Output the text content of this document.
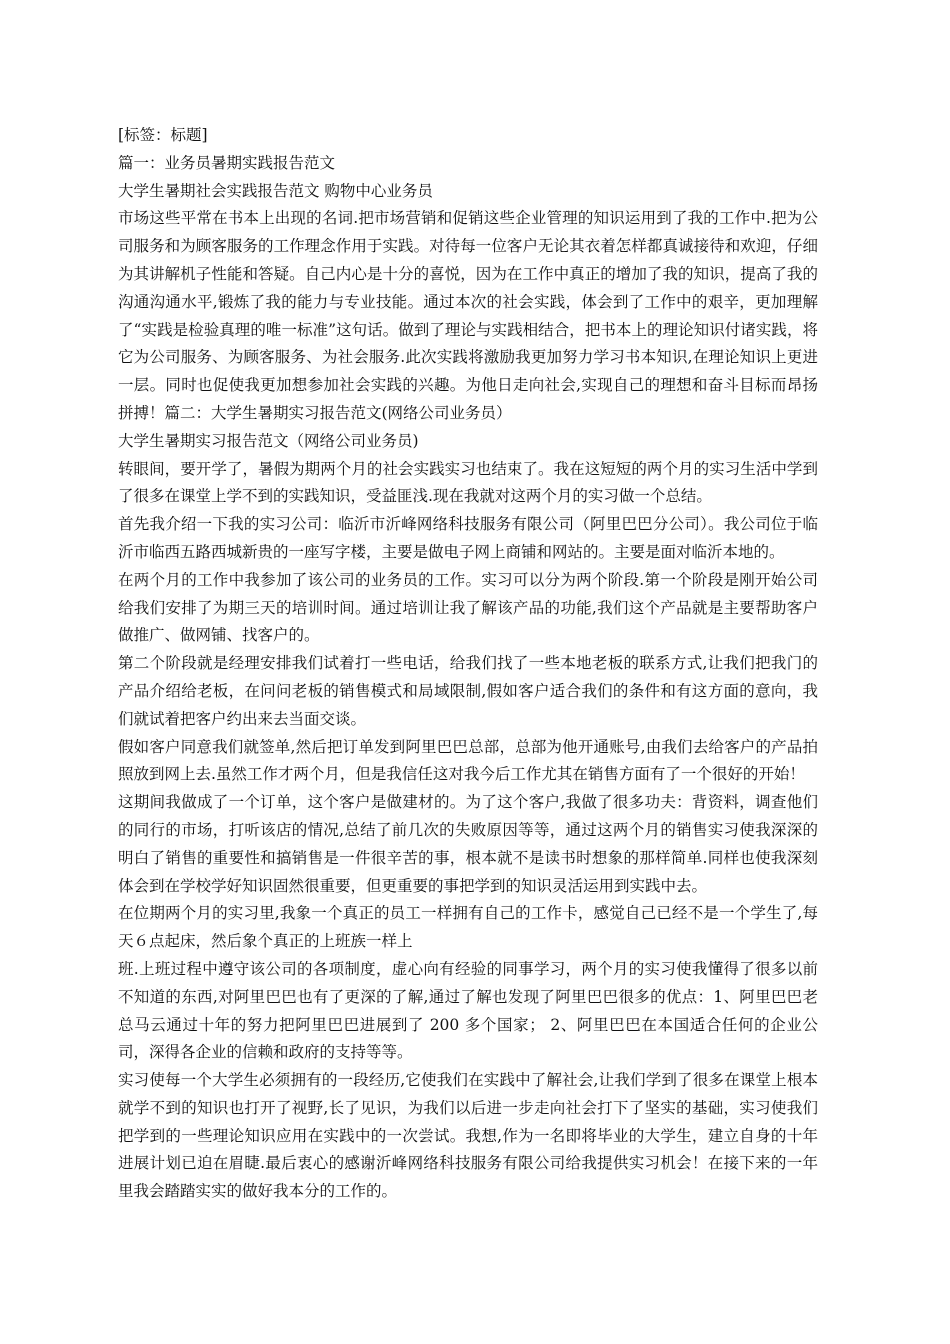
[标签：标题]

篇一：业务员暑期实践报告范文

大学生暑期社会实践报告范文 购物中心业务员

市场这些平常在书本上出现的名词.把市场营销和促销这些企业管理的知识运用到了我的工作中.把为公司服务和为顾客服务的工作理念作用于实践。对待每一位客户无论其衣着怎样都真诚接待和欢迎，仔细为其讲解机子性能和答疑。自己内心是十分的喜悦，因为在工作中真正的增加了我的知识，提高了我的沟通沟通水平,锻炼了我的能力与专业技能。通过本次的社会实践，体会到了工作中的艰辛，更加理解了“实践是检验真理的唯一标准”这句话。做到了理论与实践相结合，把书本上的理论知识付诸实践，将它为公司服务、为顾客服务、为社会服务.此次实践将激励我更加努力学习书本知识,在理论知识上更进一层。同时也促使我更加想参加社会实践的兴趣。为他日走向社会,实现自己的理想和奋斗目标而昂扬拼搏！篇二：大学生暑期实习报告范文(网络公司业务员）

大学生暑期实习报告范文（网络公司业务员)

转眼间，要开学了，暑假为期两个月的社会实践实习也结束了。我在这短短的两个月的实习生活中学到了很多在课堂上学不到的实践知识，受益匪浅.现在我就对这两个月的实习做一个总结。

首先我介绍一下我的实习公司：临沂市沂峰网络科技服务有限公司（阿里巴巴分公司）。我公司位于临沂市临西五路西城新贵的一座写字楼，主要是做电子网上商铺和网站的。主要是面对临沂本地的。

在两个月的工作中我参加了该公司的业务员的工作。实习可以分为两个阶段.第一个阶段是刚开始公司给我们安排了为期三天的培训时间。通过培训让我了解该产品的功能,我们这个产品就是主要帮助客户做推广、做网铺、找客户的。

第二个阶段就是经理安排我们试着打一些电话，给我们找了一些本地老板的联系方式,让我们把我门的产品介绍给老板，在问问老板的销售模式和局域限制,假如客户适合我们的条件和有这方面的意向，我们就试着把客户约出来去当面交谈。

假如客户同意我们就签单,然后把订单发到阿里巴巴总部，总部为他开通账号,由我们去给客户的产品拍照放到网上去.虽然工作才两个月，但是我信任这对我今后工作尤其在销售方面有了一个很好的开始！

这期间我做成了一个订单，这个客户是做建材的。为了这个客户,我做了很多功夫：背资料，调查他们的同行的市场，打听该店的情况,总结了前几次的失败原因等等，通过这两个月的销售实习使我深深的明白了销售的重要性和搞销售是一件很辛苦的事，根本就不是读书时想象的那样简单.同样也使我深刻体会到在学校学好知识固然很重要，但更重要的事把学到的知识灵活运用到实践中去。

在位期两个月的实习里,我象一个真正的员工一样拥有自己的工作卡，感觉自己已经不是一个学生了,每天６点起床，然后象个真正的上班族一样上

班.上班过程中遵守该公司的各项制度，虚心向有经验的同事学习，两个月的实习使我懂得了很多以前不知道的东西,对阿里巴巴也有了更深的了解,通过了解也发现了阿里巴巴很多的优点：1、阿里巴巴老总马云通过十年的努力把阿里巴巴进展到了 200 多个国家； 2、阿里巴巴在本国适合任何的企业公司，深得各企业的信赖和政府的支持等等。

实习使每一个大学生必须拥有的一段经历,它使我们在实践中了解社会,让我们学到了很多在课堂上根本就学不到的知识也打开了视野,长了见识，为我们以后进一步走向社会打下了坚实的基础，实习使我们把学到的一些理论知识应用在实践中的一次尝试。我想,作为一名即将毕业的大学生，建立自身的十年进展计划已迫在眉睫.最后衷心的感谢沂峰网络科技服务有限公司给我提供实习机会！在接下来的一年里我会踏踏实实的做好我本分的工作的。
